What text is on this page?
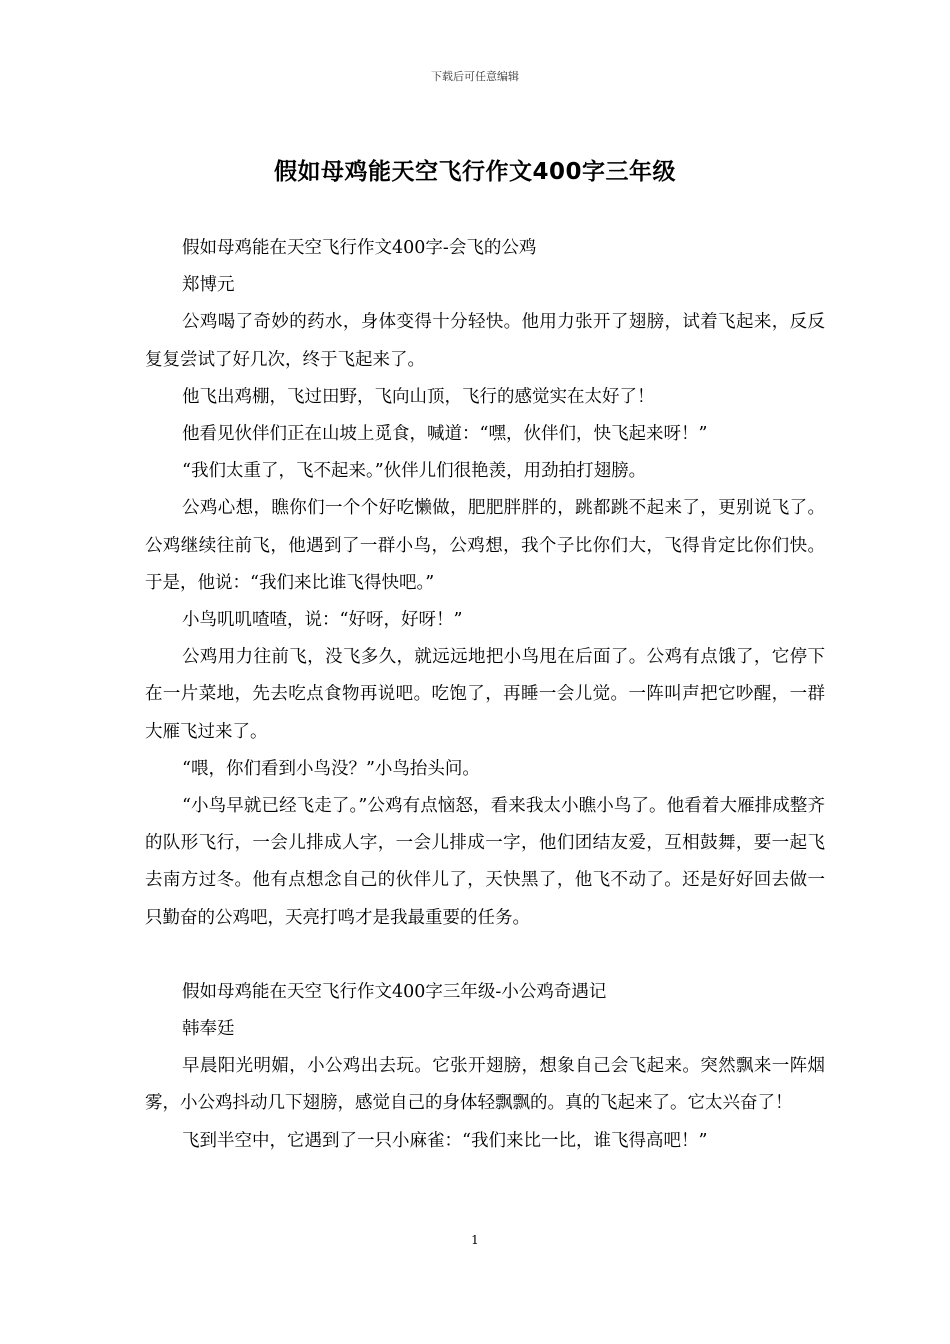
下载后可任意编辑
假如母鸡能天空飞行作文400字三年级

假如母鸡能在天空飞行作文400字-会飞的公鸡

郑博元

公鸡喝了奇妙的药水，身体变得十分轻快。他用力张开了翅膀，试着飞起来，反反复复尝试了好几次，终于飞起来了。

他飞出鸡棚，飞过田野，飞向山顶，飞行的感觉实在太好了！

他看见伙伴们正在山坡上觅食，喊道：“嘿，伙伴们，快飞起来呀！”

“我们太重了，飞不起来。”伙伴儿们很艳羡，用劲拍打翅膀。

公鸡心想，瞧你们一个个好吃懒做，肥肥胖胖的，跳都跳不起来了，更别说飞了。公鸡继续往前飞，他遇到了一群小鸟，公鸡想，我个子比你们大，飞得肯定比你们快。于是，他说：“我们来比谁飞得快吧。”

小鸟叽叽喳喳，说：“好呀，好呀！”

公鸡用力往前飞，没飞多久，就远远地把小鸟甩在后面了。公鸡有点饿了，它停下在一片菜地，先去吃点食物再说吧。吃饱了，再睡一会儿觉。一阵叫声把它吵醒，一群大雁飞过来了。

“喂，你们看到小鸟没？”小鸟抬头问。

“小鸟早就已经飞走了。”公鸡有点恼怒，看来我太小瞧小鸟了。他看着大雁排成整齐的队形飞行，一会儿排成人字，一会儿排成一字，他们团结友爱，互相鼓舞，要一起飞去南方过冬。他有点想念自己的伙伴儿了，天快黑了，他飞不动了。还是好好回去做一只勤奋的公鸡吧，天亮打鸣才是我最重要的任务。

假如母鸡能在天空飞行作文400字三年级-小公鸡奇遇记

韩奉廷

早晨阳光明媚，小公鸡出去玩。它张开翅膀，想象自己会飞起来。突然飘来一阵烟雾，小公鸡抖动几下翅膀，感觉自己的身体轻飘飘的。真的飞起来了。它太兴奋了！

飞到半空中，它遇到了一只小麻雀：“我们来比一比，谁飞得高吧！”

1
